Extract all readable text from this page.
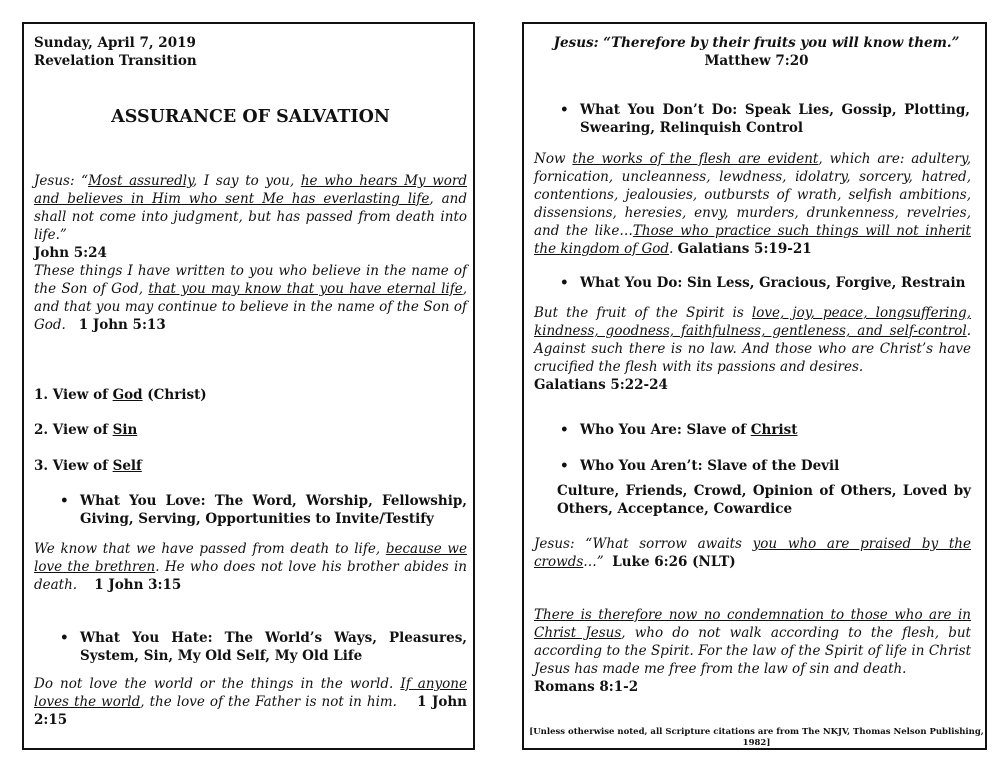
Sunday, April 7, 2019
Revelation Transition
ASSURANCE OF SALVATION
Jesus: “Most assuredly, I say to you, he who hears My word and believes in Him who sent Me has everlasting life, and shall not come into judgment, but has passed from death into life.”
John 5:24
These things I have written to you who believe in the name of the Son of God, that you may know that you have eternal life, and that you may continue to believe in the name of the Son of God. 1 John 5:13
1. View of God (Christ)
2. View of Sin
3. View of Self
• What You Love: The Word, Worship, Fellowship, Giving, Serving, Opportunities to Invite/Testify
We know that we have passed from death to life, because we love the brethren. He who does not love his brother abides in death. 1 John 3:15
• What You Hate: The World’s Ways, Pleasures, System, Sin, My Old Self, My Old Life
Do not love the world or the things in the world. If anyone loves the world, the love of the Father is not in him. 1 John 2:15
Jesus: “Therefore by their fruits you will know them.”
Matthew 7:20
• What You Don’t Do: Speak Lies, Gossip, Plotting, Swearing, Relinquish Control
Now the works of the flesh are evident, which are: adultery, fornication, uncleanness, lewdness, idolatry, sorcery, hatred, contentions, jealousies, outbursts of wrath, selfish ambitions, dissensions, heresies, envy, murders, drunkenness, revelries, and the like…Those who practice such things will not inherit the kingdom of God. Galatians 5:19-21
• What You Do: Sin Less, Gracious, Forgive, Restrain
But the fruit of the Spirit is love, joy, peace, longsuffering, kindness, goodness, faithfulness, gentleness, and self-control. Against such there is no law. And those who are Christ’s have crucified the flesh with its passions and desires.
Galatians 5:22-24
• Who You Are: Slave of Christ
• Who You Aren’t: Slave of the Devil
Culture, Friends, Crowd, Opinion of Others, Loved by Others, Acceptance, Cowardice
Jesus: “What sorrow awaits you who are praised by the crowds…” Luke 6:26 (NLT)
There is therefore now no condemnation to those who are in Christ Jesus, who do not walk according to the flesh, but according to the Spirit. For the law of the Spirit of life in Christ Jesus has made me free from the law of sin and death.
Romans 8:1-2
[Unless otherwise noted, all Scripture citations are from The NKJV, Thomas Nelson Publishing, 1982]
